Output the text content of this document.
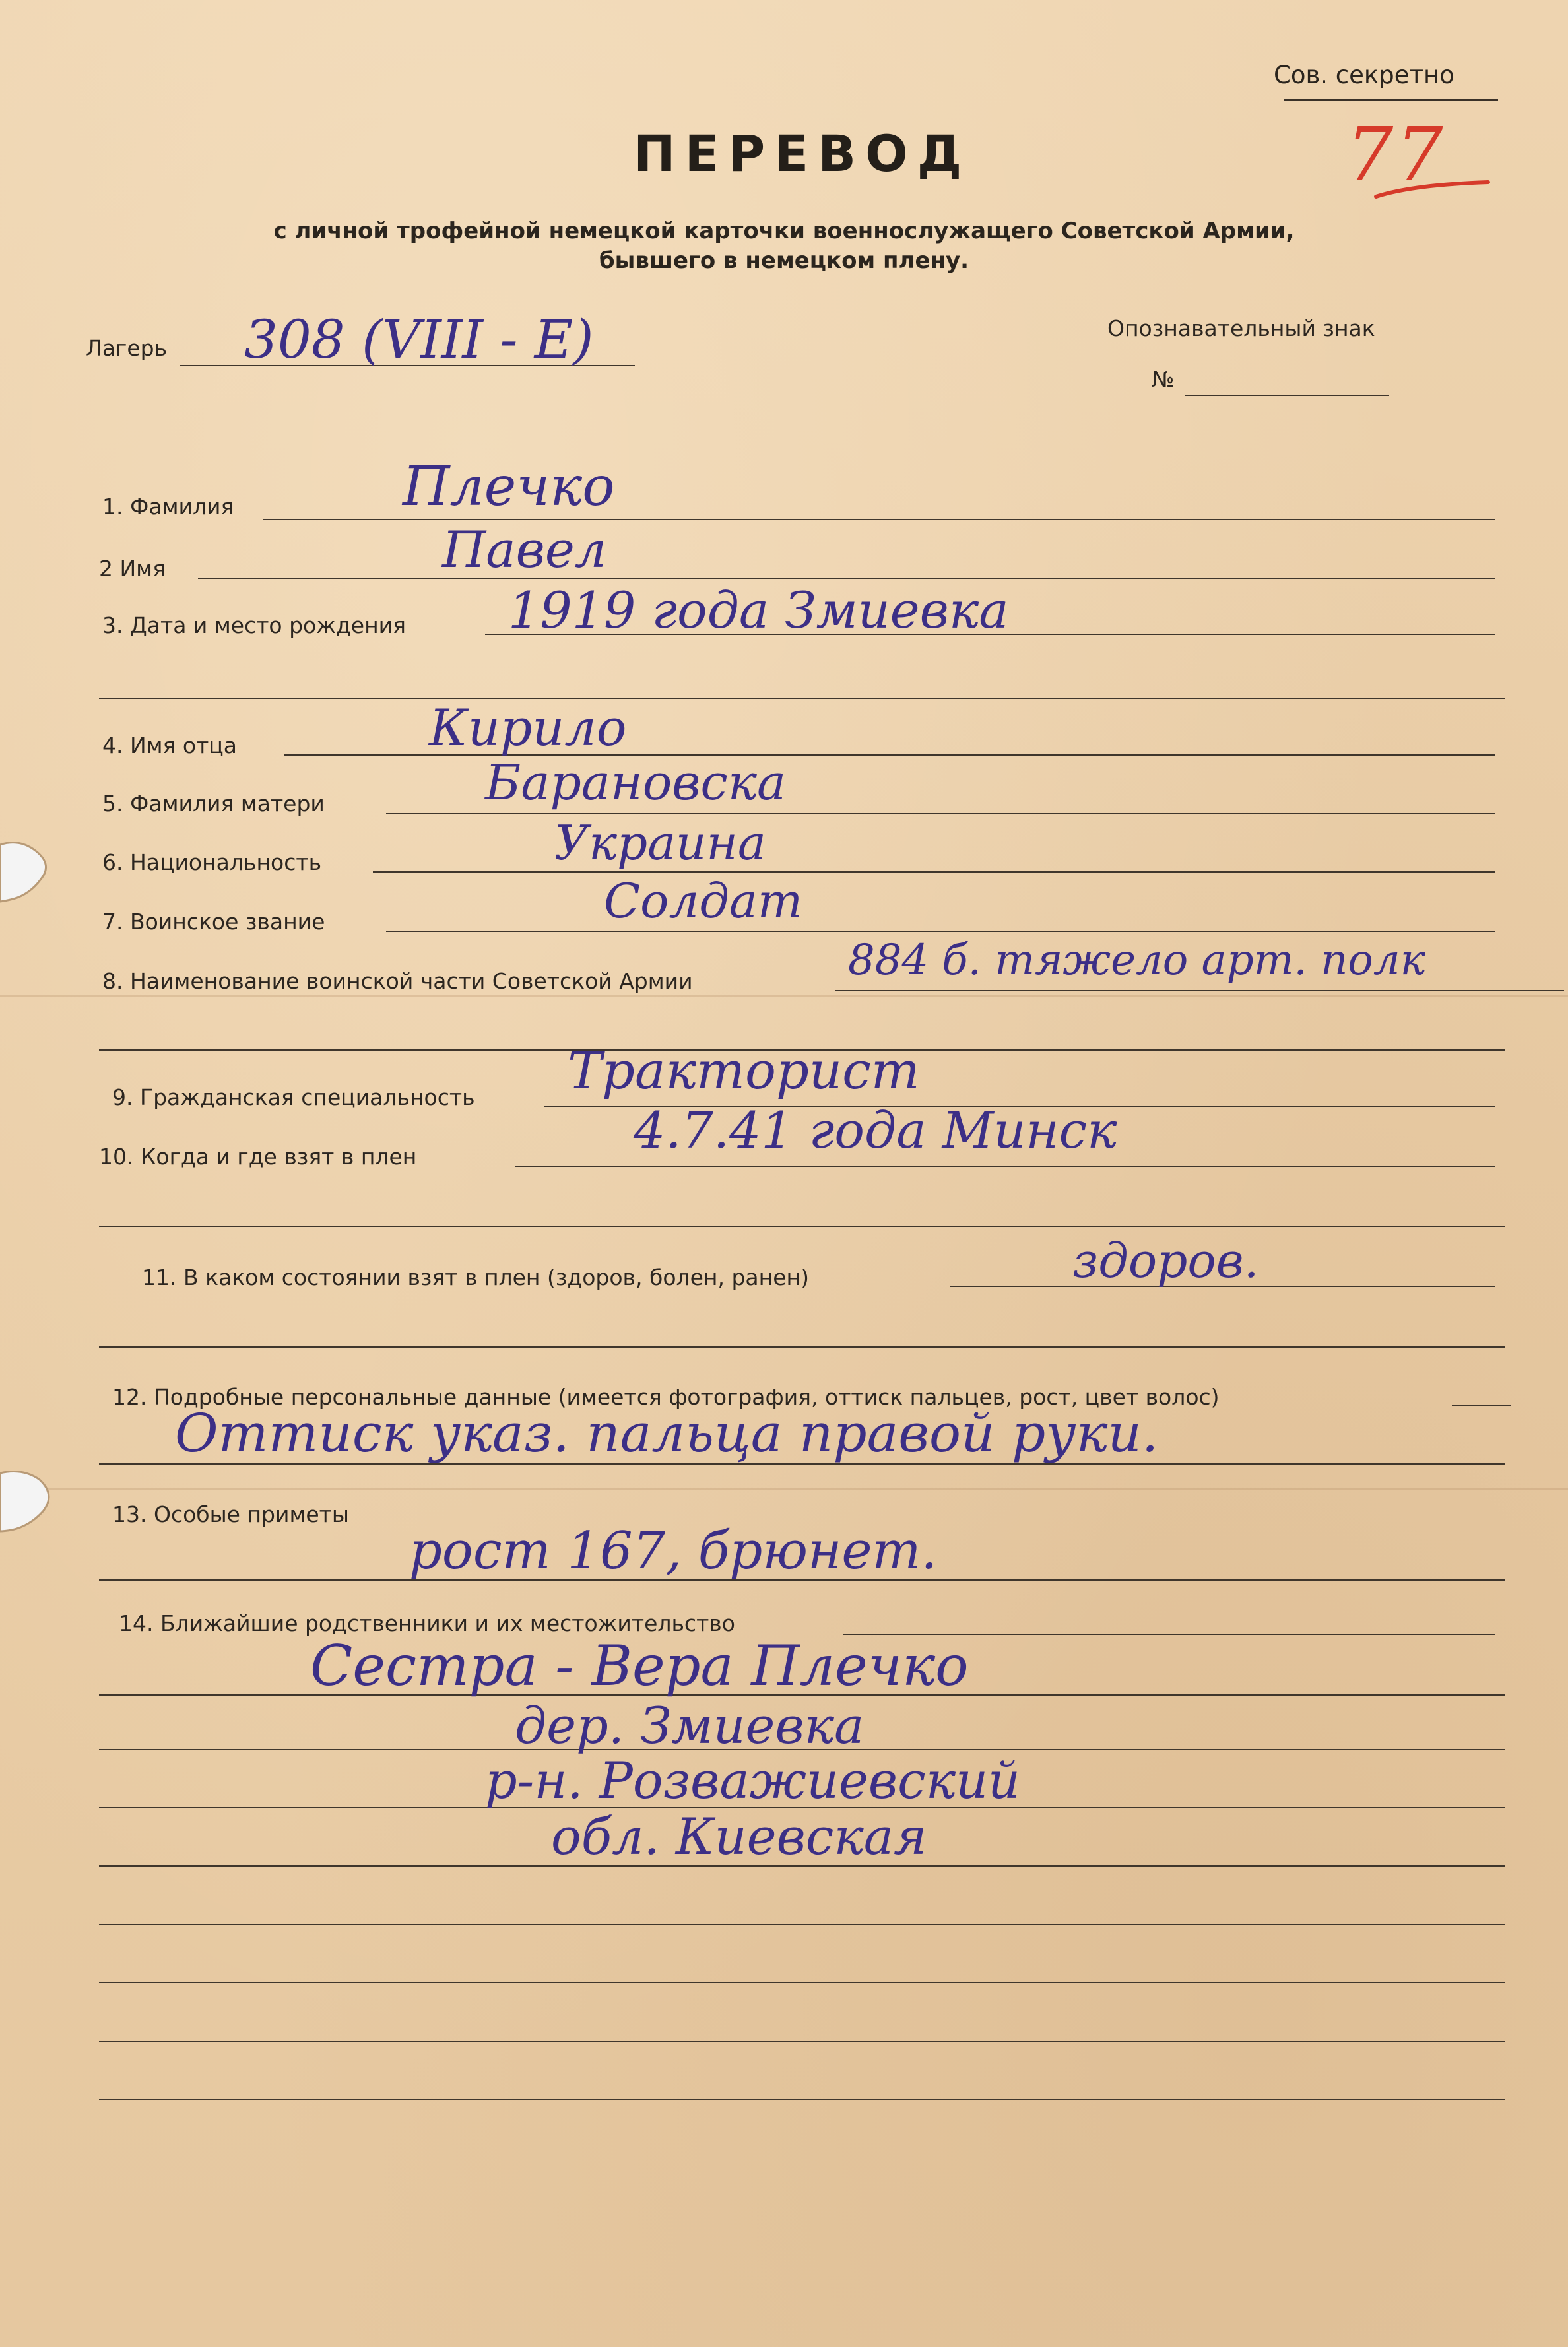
Сов. секретно
77
ПЕРЕВОД
с личной трофейной немецкой карточки военнослужащего Советской Армии,
бывшего в немецком плену.
Лагерь 308 (VIII - E)	Опознавательный знак
№
1. Фамилия	Плечко
2 Имя	Павел
3. Дата и место рождения 1919 года Змиевка
4. Имя отца	Кирило
5. Фамилия матери	Барановска
6. Национальность	Украина
7. Воинское звание	Солдат
8. Наименование воинской части Советской Армии	884 б. тяжело арт. полк
9. Гражданская специальность Тракторист
10. Когда и где взят в плен	4.7.41 года Минск
11. В каком состоянии взят в плен (здоров, болен, ранен)	здоров.
12. Подробные персональные данные (имеется фотография, оттиск пальцев, рост, цвет волос)
Оттиск указ. пальца правой руки.
13. Особые приметы
рост 167, брюнет.
14. Ближайшие родственники и их местожительство
Сестра - Вера Плечко
дер. Змиевка
р-н. Розважиевский
обл. Киевская
